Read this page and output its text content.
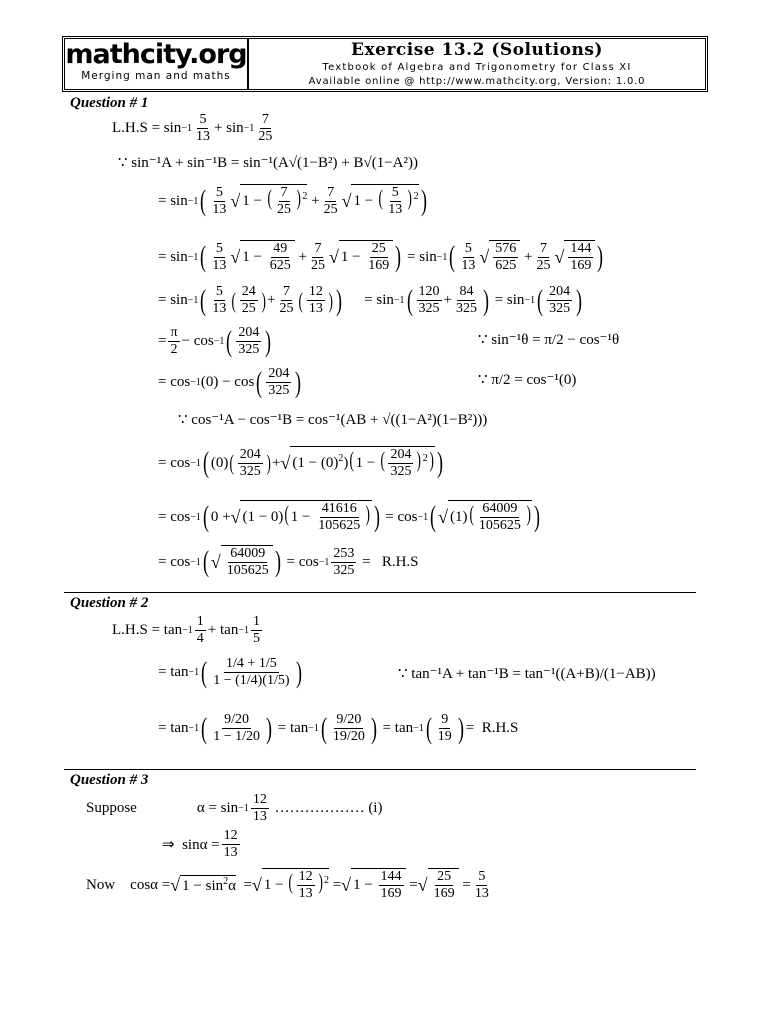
mathcity.org
Merging man and maths
Exercise 13.2 (Solutions)
Textbook of Algebra and Trigonometry for Class XI
Available online @ http://www.mathcity.org, Version: 1.0.0
Question # 1
$L.H.S = \sin -1 \frac{5}{13} + \sin -1 \frac{7}{25}$
∵ sin⁻¹A + sin⁻¹B = sin⁻¹(A√(1−B²) + B√(1−A²))
= sin −1 ( $\frac{5}{13}$ √ 1 − ( $\frac{7}{25} )^2 + \frac{7}{25}$ √ 1 − ( $\frac{5}{13} )^2$ )
= sin −1 ( $\frac{5}{13}$ √ $1 - \frac{49}{625} + \frac{7}{25}$ √ $1 - \frac{25}{169}$ ) = sin −1 ( $\frac{5}{13}$ √ $\frac{576}{625} + \frac{7}{25}$ √ $\frac{144}{169}$ )
= sin −1 ( $\frac{5}{13}$ ( $\frac{24}{25}$ ) + $\frac{7}{25}$ ( $\frac{12}{13}$ ) ) = sin −1 ( $\frac{120}{325} + \frac{84}{325}$ ) = sin −1 ( $\frac{204}{325}$ )
= $\frac{\pi}{2} - \cos -1$ ( $\frac{204}{325}$ )	∵ sin⁻¹θ = π/2 − cos⁻¹θ
= cos −1 (0) − cos ( $\frac{204}{325}$ )	∵ π/2 = cos⁻¹(0)
∵ cos⁻¹A − cos⁻¹B = cos⁻¹(AB + √((1−A²)(1−B²)))
= cos −1 ( (0) ( $\frac{204}{325}$ ) + √ $(1 - (0)^2)(1$ − ( $\frac{204}{325} )^2$) )
= cos −1 ( 0 + √ $(1 - 0)(1 - \frac{41616}{105625}$ ) ) = cos −1 ( √ $(1)( \frac{64009}{105625}$ ) )
= cos −1 ( √ $\frac{64009}{105625}$ ) = $\cos -1 \frac{253}{325} = R.H.S$
Question # 2
$L.H.S = \tan -1 \frac{1}{4} + \tan -1 \frac{1}{5}$
= tan −1 ( $\frac{1/4 + 1/5}{1 - (1/4)(1/5)}$ )	∵ tan⁻¹A + tan⁻¹B = tan⁻¹((A+B)/(1−AB))
= tan −1 ( $\frac{9/20}{1 - 1/20}$ ) = tan −1 ( $\frac{9/20}{19/20}$ ) = tan −1 ( $\frac{9}{19}$ ) = R.H.S
Question # 3
Suppose	$\alpha = \sin -1 \frac{12}{13}$
……………… (i)
⇒  $\sin\alpha = \frac{12}{13}$
Now cosα = √ $1 - \sin^2\alpha$ = √ 1 − ( $\frac{12}{13} )^2$ = √ $1 - \frac{144}{169}$ = √ $\frac{25}{169} = \frac{5}{13}$
